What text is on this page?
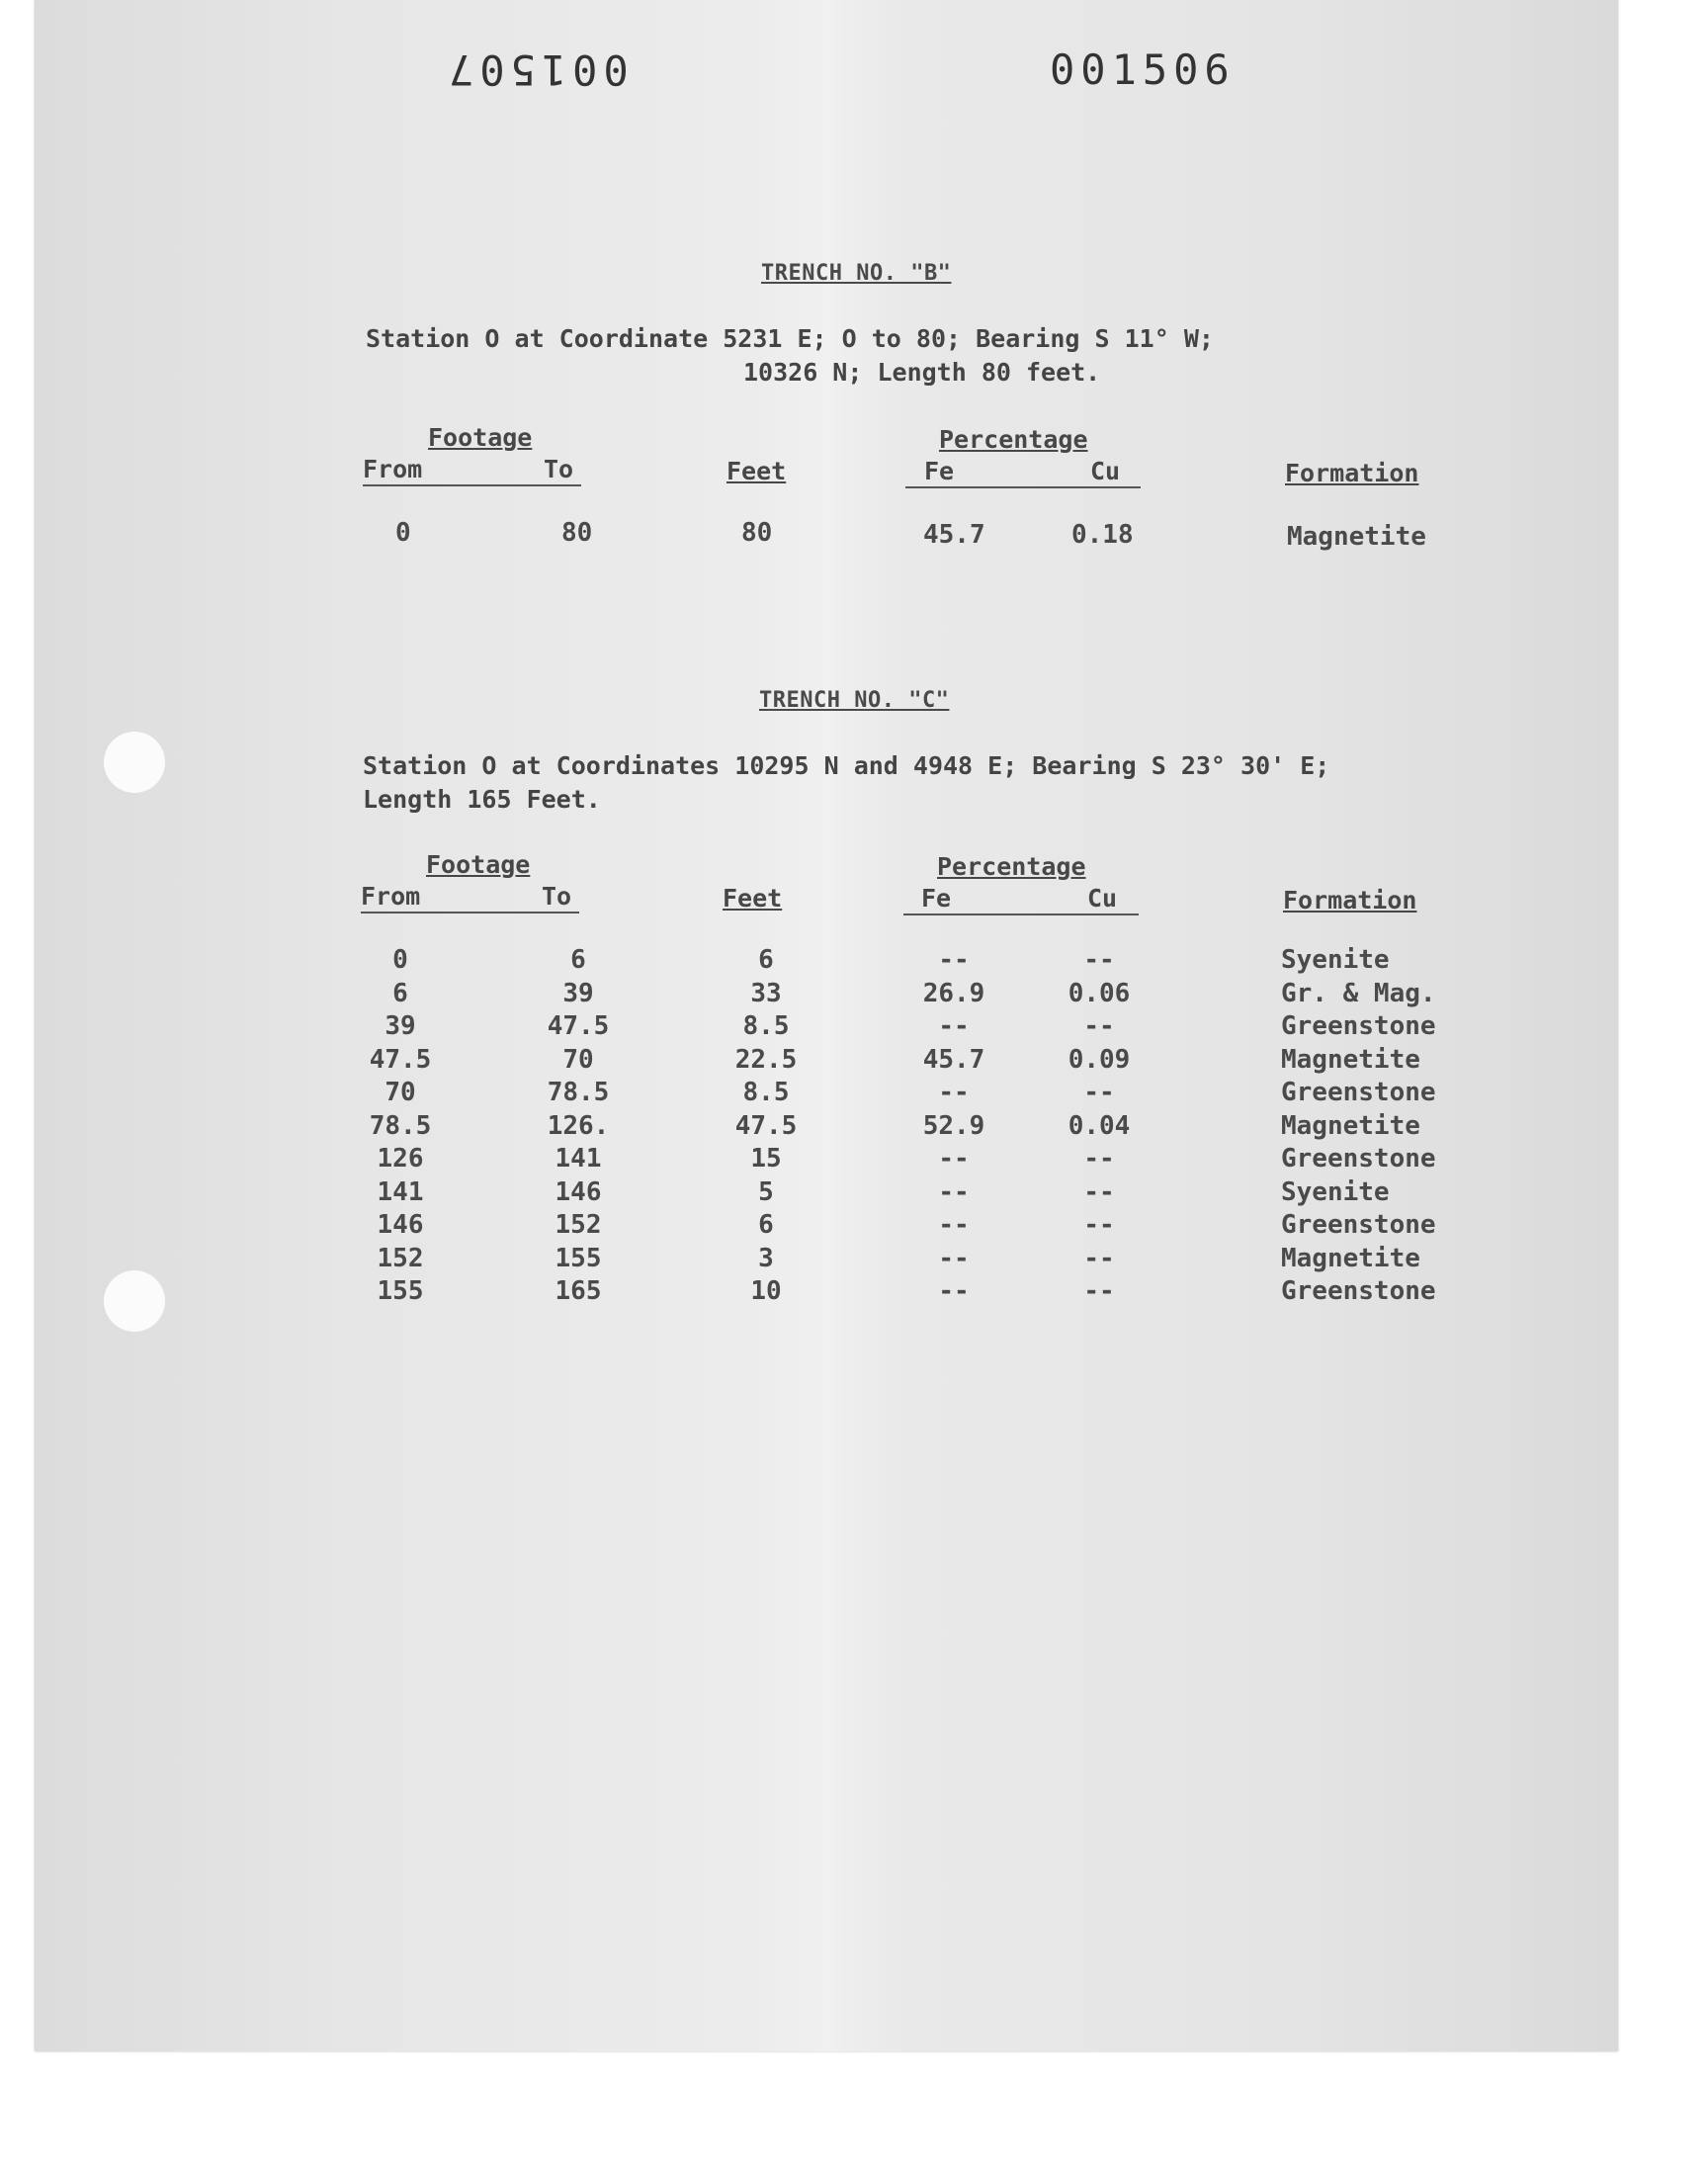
001507	001506
TRENCH NO. "B"
Station O at Coordinate 5231 E; O to 80; Bearing S 11° W;
10326 N; Length 80 feet.
Footage
From	To	Feet
Percentage
Fe	Cu	Formation
0	80	80	45.7	0.18	Magnetite
TRENCH NO. "C"
Station O at Coordinates 10295 N and 4948 E; Bearing S 23° 30' E;
Length 165 Feet.
Footage
From	To	Feet
Percentage
Fe	Cu	Formation
0	6	6	--	--	Syenite
6	39	33	26.9	0.06	Gr. & Mag.
39	47.5	8.5	--	--	Greenstone
47.5	70	22.5	45.7	0.09	Magnetite
70	78.5	8.5	--	--	Greenstone
78.5	126.	47.5	52.9	0.04	Magnetite
126	141	15	--	--	Greenstone
141	146	5	--	--	Syenite
146	152	6	--	--	Greenstone
152	155	3	--	--	Magnetite
155	165	10	--	--	Greenstone
